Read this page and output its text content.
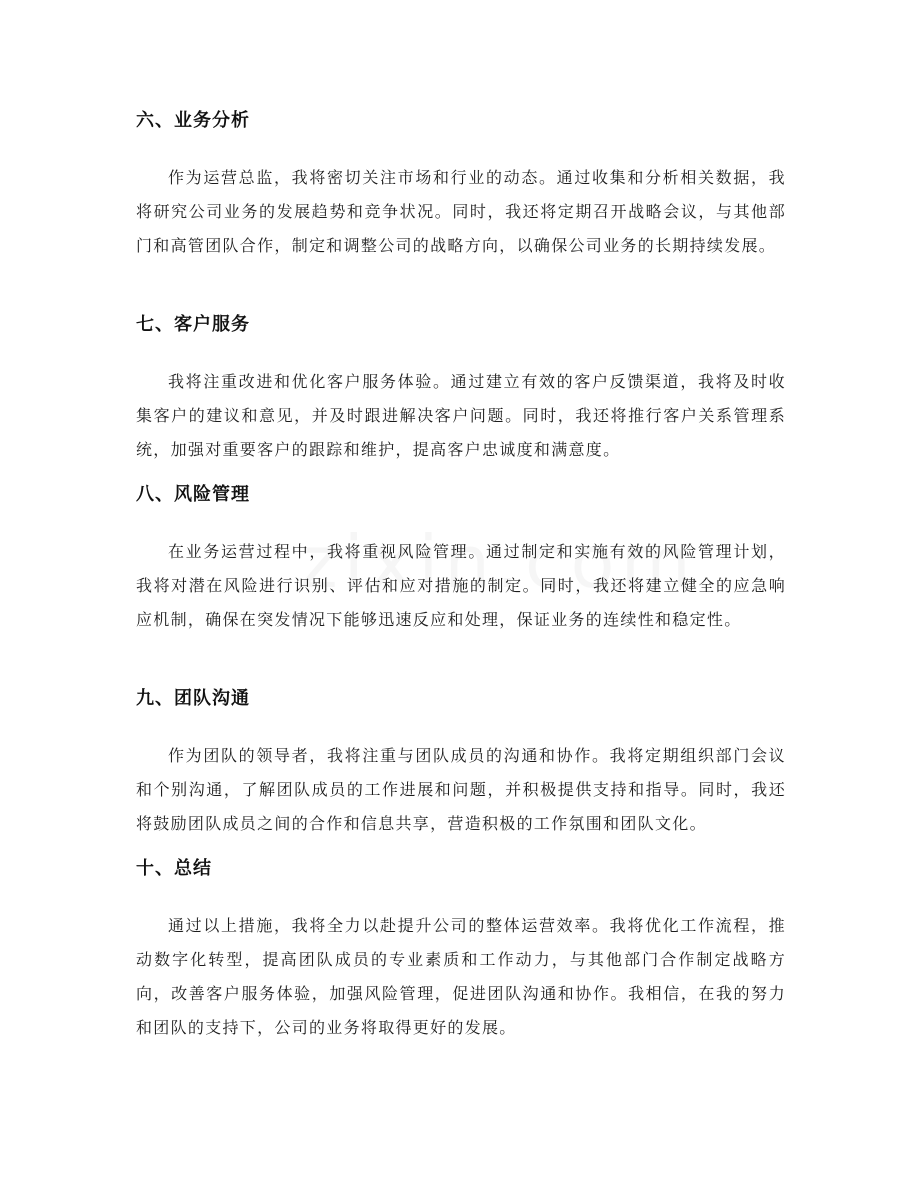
六、业务分析

作为运营总监，我将密切关注市场和行业的动态。通过收集和分析相关数据，我将研究公司业务的发展趋势和竞争状况。同时，我还将定期召开战略会议，与其他部门和高管团队合作，制定和调整公司的战略方向，以确保公司业务的长期持续发展。

七、客户服务

我将注重改进和优化客户服务体验。通过建立有效的客户反馈渠道，我将及时收集客户的建议和意见，并及时跟进解决客户问题。同时，我还将推行客户关系管理系统，加强对重要客户的跟踪和维护，提高客户忠诚度和满意度。

八、风险管理

在业务运营过程中，我将重视风险管理。通过制定和实施有效的风险管理计划，我将对潜在风险进行识别、评估和应对措施的制定。同时，我还将建立健全的应急响应机制，确保在突发情况下能够迅速反应和处理，保证业务的连续性和稳定性。

九、团队沟通

作为团队的领导者，我将注重与团队成员的沟通和协作。我将定期组织部门会议和个别沟通，了解团队成员的工作进展和问题，并积极提供支持和指导。同时，我还将鼓励团队成员之间的合作和信息共享，营造积极的工作氛围和团队文化。

十、总结

通过以上措施，我将全力以赴提升公司的整体运营效率。我将优化工作流程，推动数字化转型，提高团队成员的专业素质和工作动力，与其他部门合作制定战略方向，改善客户服务体验，加强风险管理，促进团队沟通和协作。我相信，在我的努力和团队的支持下，公司的业务将取得更好的发展。
